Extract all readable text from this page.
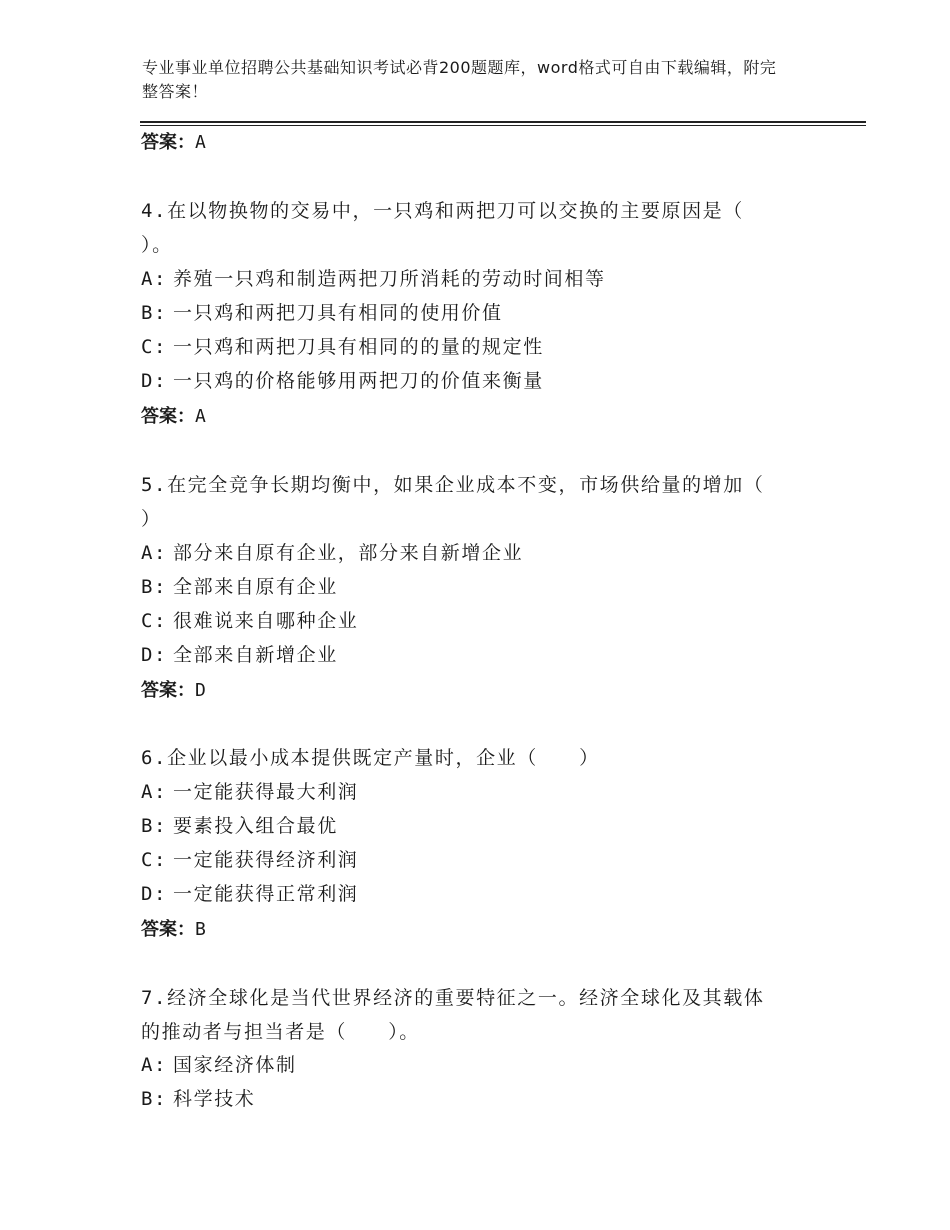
专业事业单位招聘公共基础知识考试必背200题题库，word格式可自由下载编辑，附完整答案！
答案：A
4.在以物换物的交易中，一只鸡和两把刀可以交换的主要原因是（
）。
A: 养殖一只鸡和制造两把刀所消耗的劳动时间相等
B: 一只鸡和两把刀具有相同的使用价值
C: 一只鸡和两把刀具有相同的的量的规定性
D: 一只鸡的价格能够用两把刀的价值来衡量
答案：A
5.在完全竞争长期均衡中，如果企业成本不变，市场供给量的增加（
）
A: 部分来自原有企业，部分来自新增企业
B: 全部来自原有企业
C: 很难说来自哪种企业
D: 全部来自新增企业
答案：D
6.企业以最小成本提供既定产量时，企业（　　）
A: 一定能获得最大利润
B: 要素投入组合最优
C: 一定能获得经济利润
D: 一定能获得正常利润
答案：B
7.经济全球化是当代世界经济的重要特征之一。经济全球化及其载体
的推动者与担当者是（　　）。
A: 国家经济体制
B: 科学技术
